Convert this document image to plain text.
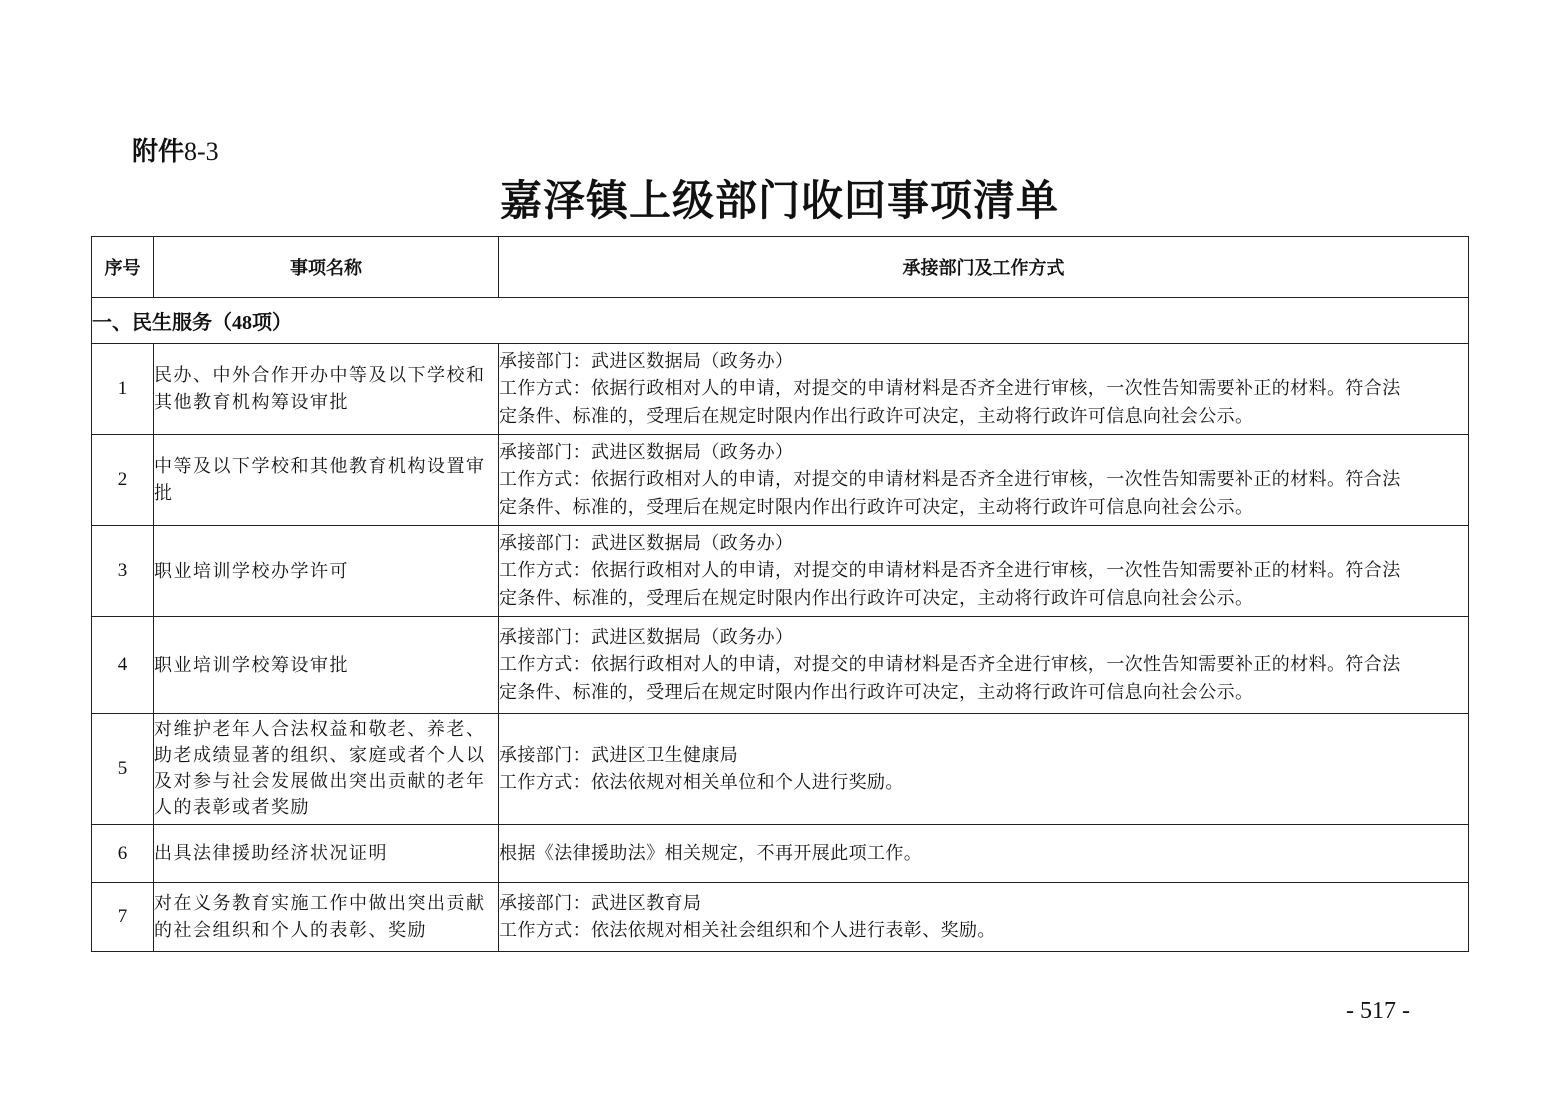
附件8-3
嘉泽镇上级部门收回事项清单
序号	事项名称	承接部门及工作方式
一、民生服务（48项）		
1	民办、中外合作开办中等及以下学校和其他教育机构筹设审批	承接部门：武进区数据局（政务办）
工作方式：依据行政相对人的申请，对提交的申请材料是否齐全进行审核，一次性告知需要补正的材料。符合法
定条件、标准的，受理后在规定时限内作出行政许可决定，主动将行政许可信息向社会公示。

2	中等及以下学校和其他教育机构设置审批	承接部门：武进区数据局（政务办）
工作方式：依据行政相对人的申请，对提交的申请材料是否齐全进行审核，一次性告知需要补正的材料。符合法
定条件、标准的，受理后在规定时限内作出行政许可决定，主动将行政许可信息向社会公示。

3	职业培训学校办学许可	承接部门：武进区数据局（政务办）
工作方式：依据行政相对人的申请，对提交的申请材料是否齐全进行审核，一次性告知需要补正的材料。符合法
定条件、标准的，受理后在规定时限内作出行政许可决定，主动将行政许可信息向社会公示。

4	职业培训学校筹设审批	承接部门：武进区数据局（政务办）
工作方式：依据行政相对人的申请，对提交的申请材料是否齐全进行审核，一次性告知需要补正的材料。符合法
定条件、标准的，受理后在规定时限内作出行政许可决定，主动将行政许可信息向社会公示。

5	对维护老年人合法权益和敬老、养老、助老成绩显著的组织、家庭或者个人以及对参与社会发展做出突出贡献的老年人的表彰或者奖励	承接部门：武进区卫生健康局
工作方式：依法依规对相关单位和个人进行奖励。

6	出具法律援助经济状况证明	根据《法律援助法》相关规定，不再开展此项工作。

7	对在义务教育实施工作中做出突出贡献的社会组织和个人的表彰、奖励	承接部门：武进区教育局
工作方式：依法依规对相关社会组织和个人进行表彰、奖励。
- 517 -
